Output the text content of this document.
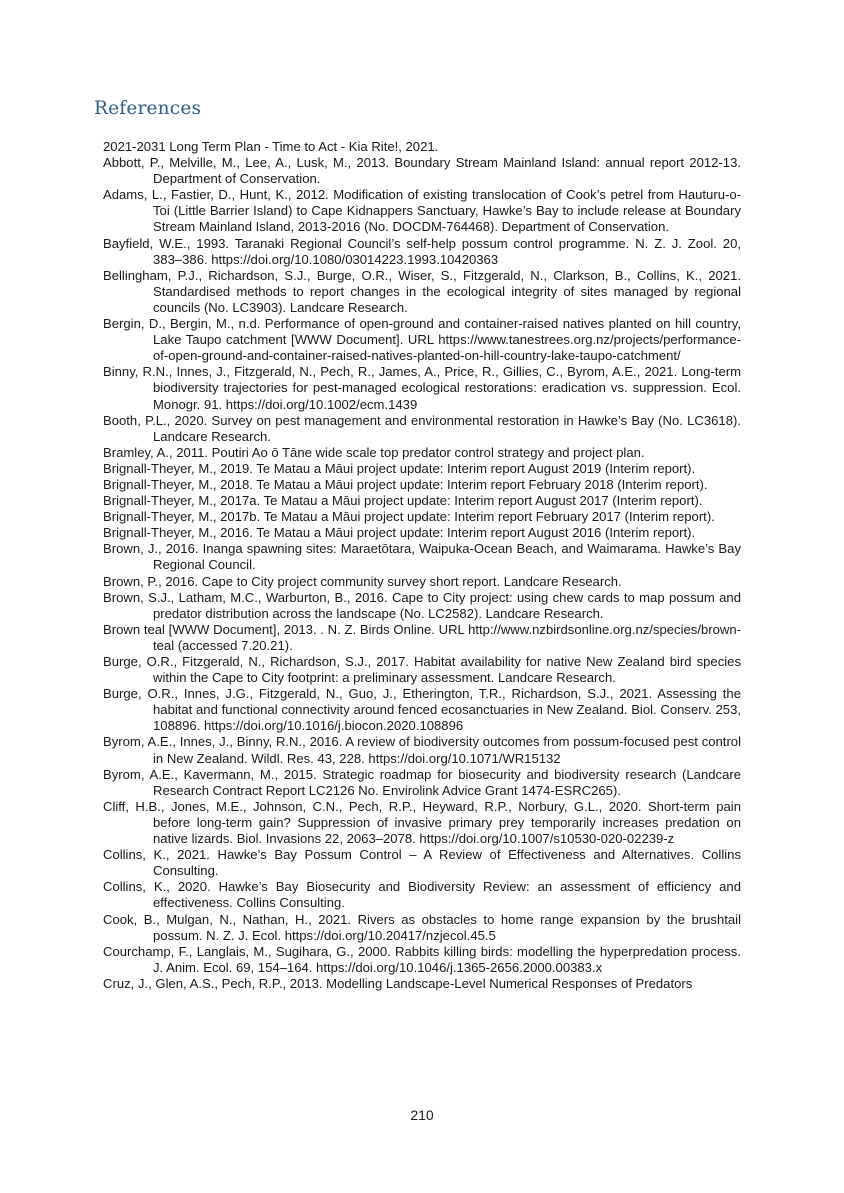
References
2021-2031 Long Term Plan - Time to Act - Kia Rite!, 2021.
Abbott, P., Melville, M., Lee, A., Lusk, M., 2013. Boundary Stream Mainland Island: annual report 2012-13. Department of Conservation.
Adams, L., Fastier, D., Hunt, K., 2012. Modification of existing translocation of Cook’s petrel from Hauturu-o-Toi (Little Barrier Island) to Cape Kidnappers Sanctuary, Hawke’s Bay to include release at Boundary Stream Mainland Island, 2013-2016 (No. DOCDM-764468). Department of Conservation.
Bayfield, W.E., 1993. Taranaki Regional Council’s self-help possum control programme. N. Z. J. Zool. 20, 383–386. https://doi.org/10.1080/03014223.1993.10420363
Bellingham, P.J., Richardson, S.J., Burge, O.R., Wiser, S., Fitzgerald, N., Clarkson, B., Collins, K., 2021. Standardised methods to report changes in the ecological integrity of sites managed by regional councils (No. LC3903). Landcare Research.
Bergin, D., Bergin, M., n.d. Performance of open-ground and container-raised natives planted on hill country, Lake Taupo catchment [WWW Document]. URL https://www.tanestrees.org.nz/projects/performance-of-open-ground-and-container-raised-natives-planted-on-hill-country-lake-taupo-catchment/
Binny, R.N., Innes, J., Fitzgerald, N., Pech, R., James, A., Price, R., Gillies, C., Byrom, A.E., 2021. Long-term biodiversity trajectories for pest-managed ecological restorations: eradication vs. suppression. Ecol. Monogr. 91. https://doi.org/10.1002/ecm.1439
Booth, P.L., 2020. Survey on pest management and environmental restoration in Hawke’s Bay (No. LC3618). Landcare Research.
Bramley, A., 2011. Poutiri Ao ō Tāne wide scale top predator control strategy and project plan.
Brignall-Theyer, M., 2019. Te Matau a Māui project update: Interim report August 2019 (Interim report).
Brignall-Theyer, M., 2018. Te Matau a Māui project update: Interim report February 2018 (Interim report).
Brignall-Theyer, M., 2017a. Te Matau a Māui project update: Interim report August 2017 (Interim report).
Brignall-Theyer, M., 2017b. Te Matau a Māui project update: Interim report February 2017 (Interim report).
Brignall-Theyer, M., 2016. Te Matau a Māui project update: Interim report August 2016 (Interim report).
Brown, J., 2016. Inanga spawning sites: Maraetōtara, Waipuka-Ocean Beach, and Waimarama. Hawke’s Bay Regional Council.
Brown, P., 2016. Cape to City project community survey short report. Landcare Research.
Brown, S.J., Latham, M.C., Warburton, B., 2016. Cape to City project: using chew cards to map possum and predator distribution across the landscape (No. LC2582). Landcare Research.
Brown teal [WWW Document], 2013. . N. Z. Birds Online. URL http://www.nzbirdsonline.org.nz/species/brown-teal (accessed 7.20.21).
Burge, O.R., Fitzgerald, N., Richardson, S.J., 2017. Habitat availability for native New Zealand bird species within the Cape to City footprint: a preliminary assessment. Landcare Research.
Burge, O.R., Innes, J.G., Fitzgerald, N., Guo, J., Etherington, T.R., Richardson, S.J., 2021. Assessing the habitat and functional connectivity around fenced ecosanctuaries in New Zealand. Biol. Conserv. 253, 108896. https://doi.org/10.1016/j.biocon.2020.108896
Byrom, A.E., Innes, J., Binny, R.N., 2016. A review of biodiversity outcomes from possum-focused pest control in New Zealand. Wildl. Res. 43, 228. https://doi.org/10.1071/WR15132
Byrom, A.E., Kavermann, M., 2015. Strategic roadmap for biosecurity and biodiversity research (Landcare Research Contract Report LC2126 No. Envirolink Advice Grant 1474-ESRC265).
Cliff, H.B., Jones, M.E., Johnson, C.N., Pech, R.P., Heyward, R.P., Norbury, G.L., 2020. Short-term pain before long-term gain? Suppression of invasive primary prey temporarily increases predation on native lizards. Biol. Invasions 22, 2063–2078. https://doi.org/10.1007/s10530-020-02239-z
Collins, K., 2021. Hawke’s Bay Possum Control – A Review of Effectiveness and Alternatives. Collins Consulting.
Collins, K., 2020. Hawke’s Bay Biosecurity and Biodiversity Review: an assessment of efficiency and effectiveness. Collins Consulting.
Cook, B., Mulgan, N., Nathan, H., 2021. Rivers as obstacles to home range expansion by the brushtail possum. N. Z. J. Ecol. https://doi.org/10.20417/nzjecol.45.5
Courchamp, F., Langlais, M., Sugihara, G., 2000. Rabbits killing birds: modelling the hyperpredation process. J. Anim. Ecol. 69, 154–164. https://doi.org/10.1046/j.1365-2656.2000.00383.x
Cruz, J., Glen, A.S., Pech, R.P., 2013. Modelling Landscape-Level Numerical Responses of Predators
210
